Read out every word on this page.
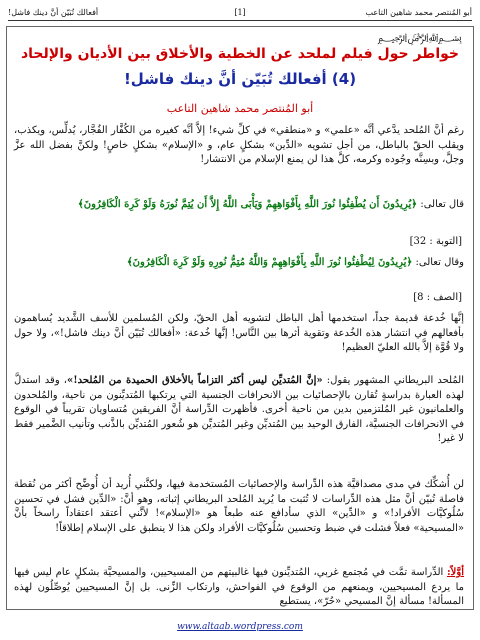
أبو المُنتصر محمد شاهين التاعب
[1]
أفعالك تُبَيّن أنَّ دينك فاشل!
﷽
خواطر حول فيلم لملحد عن الخطية والأخلاق بين الأديان والإلحاد
(4) أفعالك تُبَيّن أنَّ دينك فاشل!
أبو المُنتصر محمد شاهين التاعب
رغم أنَّ المُلحد يدَّعي أنَّه «علمي» و «منطقي» في كلِّ شيء! إلاَّ أنَّه كغيره من الكُفَّار الفُجَّار، يُدلِّس، ويكذب، ويقلب الحقّ بالباطل، من أجل تشويه «الدِّين» بشكلٍ عام، و «الإسلام» بشكلٍ خاصٍ! ولكنَّ بفضل الله عزَّ وجلَّ، وبسِنَّه وجُوده وكرمه، كلَّ هذا لن يمنع الإسلام من الانتشار!
قال تعالى: ﴿يُرِيدُونَ أَن يُطْفِئُوا نُورَ اللَّهِ بِأَفْوَاهِهِمْ وَيَأْبَى اللَّهُ إِلاَّ أَن يُتِمَّ نُورَهُ وَلَوْ كَرِهَ الْكَافِرُونَ﴾
[التوبة : 32]
وقال تعالى: ﴿يُرِيدُونَ لِيُطْفِئُوا نُورَ اللَّهِ بِأَفْوَاهِهِمْ وَاللَّهُ مُتِمُّ نُورِهِ وَلَوْ كَرِهَ الْكَافِرُونَ﴾
[الصف : 8]
إنَّها خُدعة قديمة جداً، استخدمها أهل الباطل لتشويه أهل الحقّ، ولكن المُسلمين للأسف الشَّديد يُساهمون بأفعالهم في انتشار هذه الخُدعة وتقوية أثرها بين النَّاس! إنَّها خُدعة: «أفعالك تُبَيّن أنَّ دينك فاشل!»، ولا حول ولا قُوَّة إلاَّ بالله العليّ العظيم!
المُلحد البريطاني المشهور يقول: «إنَّ المُتديِّن ليس أكثر التزاماً بالأخلاق الحميدة من المُلحد!»، وقد استدلَّ لهذه العبارة بدراسةٍ تُقارن بالإحصائيات بين الانحرافات الجنسية التي يرتكبها المُتديِّنون من ناحية، والمُلحدون والعلمانيون غير المُلتزمين بدين من ناحية أخرى. فأظهرت الدِّراسة أنَّ الفريقين مُتساويان تقريباً في الوقوع في الانحرافات الجنسيَّة، الفارق الوحيد بين المُتديِّن وغير المُتديِّن هو شُعور المُتديِّن بالذَّنب وتأنيب الضَّمير فقط لا غير!
لن أُشكِّك في مدى مصداقيَّة هذه الدِّراسة والإحصائيات المُستخدمة فيها، ولكنَّني أُريد أن أُوضِّح أكثر من نُقطة فاصلة تُبيّن أنَّ مثل هذه الدِّراسات لا تُثبت ما يُريد المُلحد البريطاني إثباته، وهو أنَّ: «الدِّين فشل في تحسين سُلُوكيَّات الأفراد!» و «الدِّين» الذي سأدافع عنه طبعاً هو «الإسلام»! لأنَّني أعتقد اعتقاداً راسخاً بأنَّ «المسيحية» فعلاً فشلت في ضبط وتحسين سُلُوكيَّات الأفراد ولكن هذا لا ينطبق على الإسلام إطلاقاً!
أوَّلاً: الدِّراسة تمَّت في مُجتمع غربي، المُتديِّنون فيها غالبيتهم من المسيحيين، والمسيحيَّة بشكلٍ عام ليس فيها ما يردع المسيحيين، ويمنعهم من الوقوع في الفواحش، وارتكاب الزِّنى. بل إنَّ المسيحيين يُوصِّلُون لهذه المسألة! مسألة إنَّ المسيحي «حُرّ»، يستطيع
www.altaab.wordpress.com
